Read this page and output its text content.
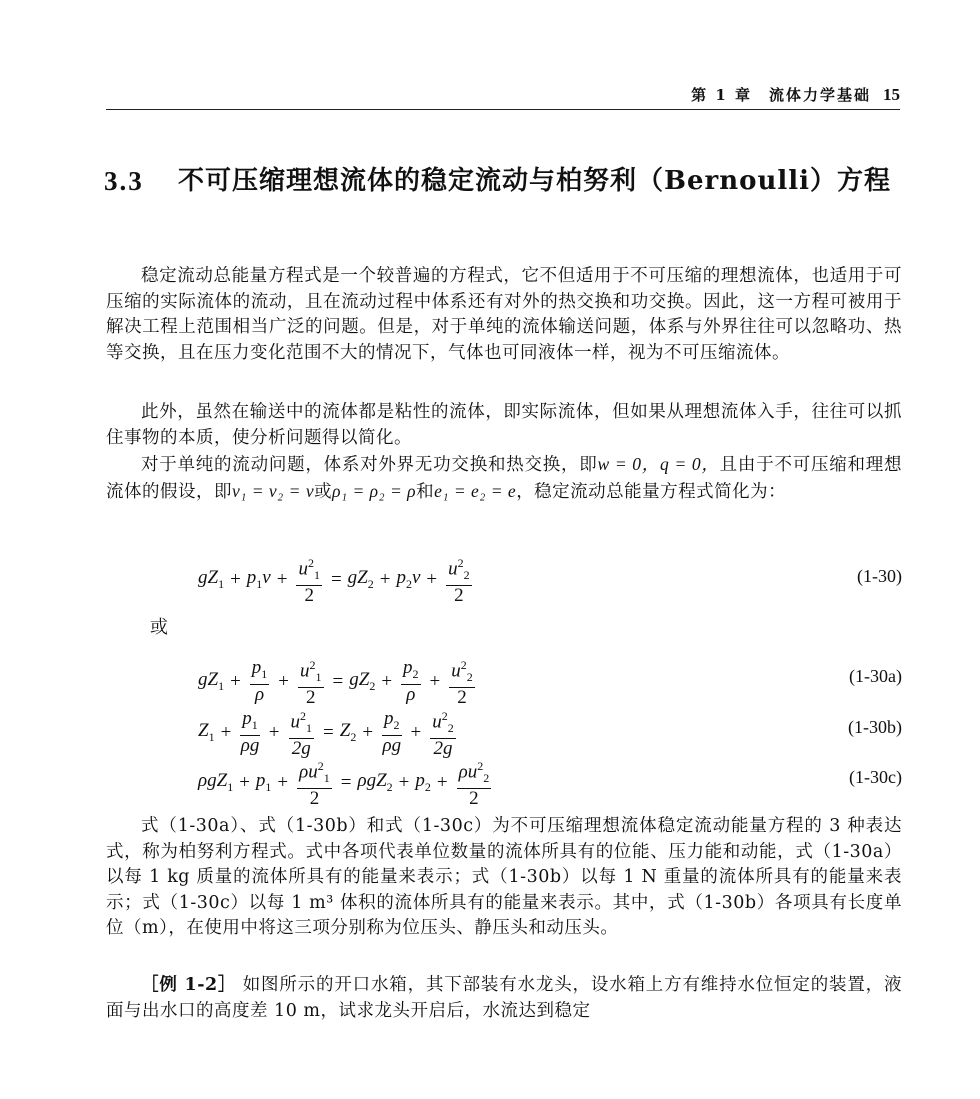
第 1 章　流体力学基础 15
3.3 不可压缩理想流体的稳定流动与柏努利（Bernoulli）方程

稳定流动总能量方程式是一个较普遍的方程式，它不但适用于不可压缩的理想流体，也适用于可压缩的实际流体的流动，且在流动过程中体系还有对外的热交换和功交换。因此，这一方程可被用于解决工程上范围相当广泛的问题。但是，对于单纯的流体输送问题，体系与外界往往可以忽略功、热等交换，且在压力变化范围不大的情况下，气体也可同液体一样，视为不可压缩流体。

此外，虽然在输送中的流体都是粘性的流体，即实际流体，但如果从理想流体入手，往往可以抓住事物的本质，使分析问题得以简化。

对于单纯的流动问题，体系对外界无功交换和热交换，即w = 0，q = 0，且由于不可压缩和理想流体的假设，即v₁ = v₂ = v或ρ₁ = ρ₂ = ρ和e₁ = e₂ = e，稳定流动总能量方程式简化为：

$gZ_1 + p_1v + \frac{u^2_1}{2} = gZ_2 + p_2v + \frac{u^2_2}{2}$	(1-30)
或
$gZ_1 + \frac{p_1}{\rho} + \frac{u^2_1}{2} = gZ_2 + \frac{p_2}{\rho} + \frac{u^2_2}{2}$	(1-30a)
$Z_1 + \frac{p_1}{\rho g} + \frac{u^2_1}{2g} = Z_2 + \frac{p_2}{\rho g} + \frac{u^2_2}{2g}$	(1-30b)
$\rho gZ_1 + p_1 + \frac{\rho u^2_1}{2} = \rho gZ_2 + p_2 + \frac{\rho u^2_2}{2}$	(1-30c)

式（1-30a）、式（1-30b）和式（1-30c）为不可压缩理想流体稳定流动能量方程的 3 种表达式，称为柏努利方程式。式中各项代表单位数量的流体所具有的位能、压力能和动能，式（1-30a）以每 1 kg 质量的流体所具有的能量来表示；式（1-30b）以每 1 N 重量的流体所具有的能量来表示；式（1-30c）以每 1 m³ 体积的流体所具有的能量来表示。其中，式（1-30b）各项具有长度单位（m），在使用中将这三项分别称为位压头、静压头和动压头。

［例 1-2］ 如图所示的开口水箱，其下部装有水龙头，设水箱上方有维持水位恒定的装置，液面与出水口的高度差 10 m，试求龙头开启后，水流达到稳定
